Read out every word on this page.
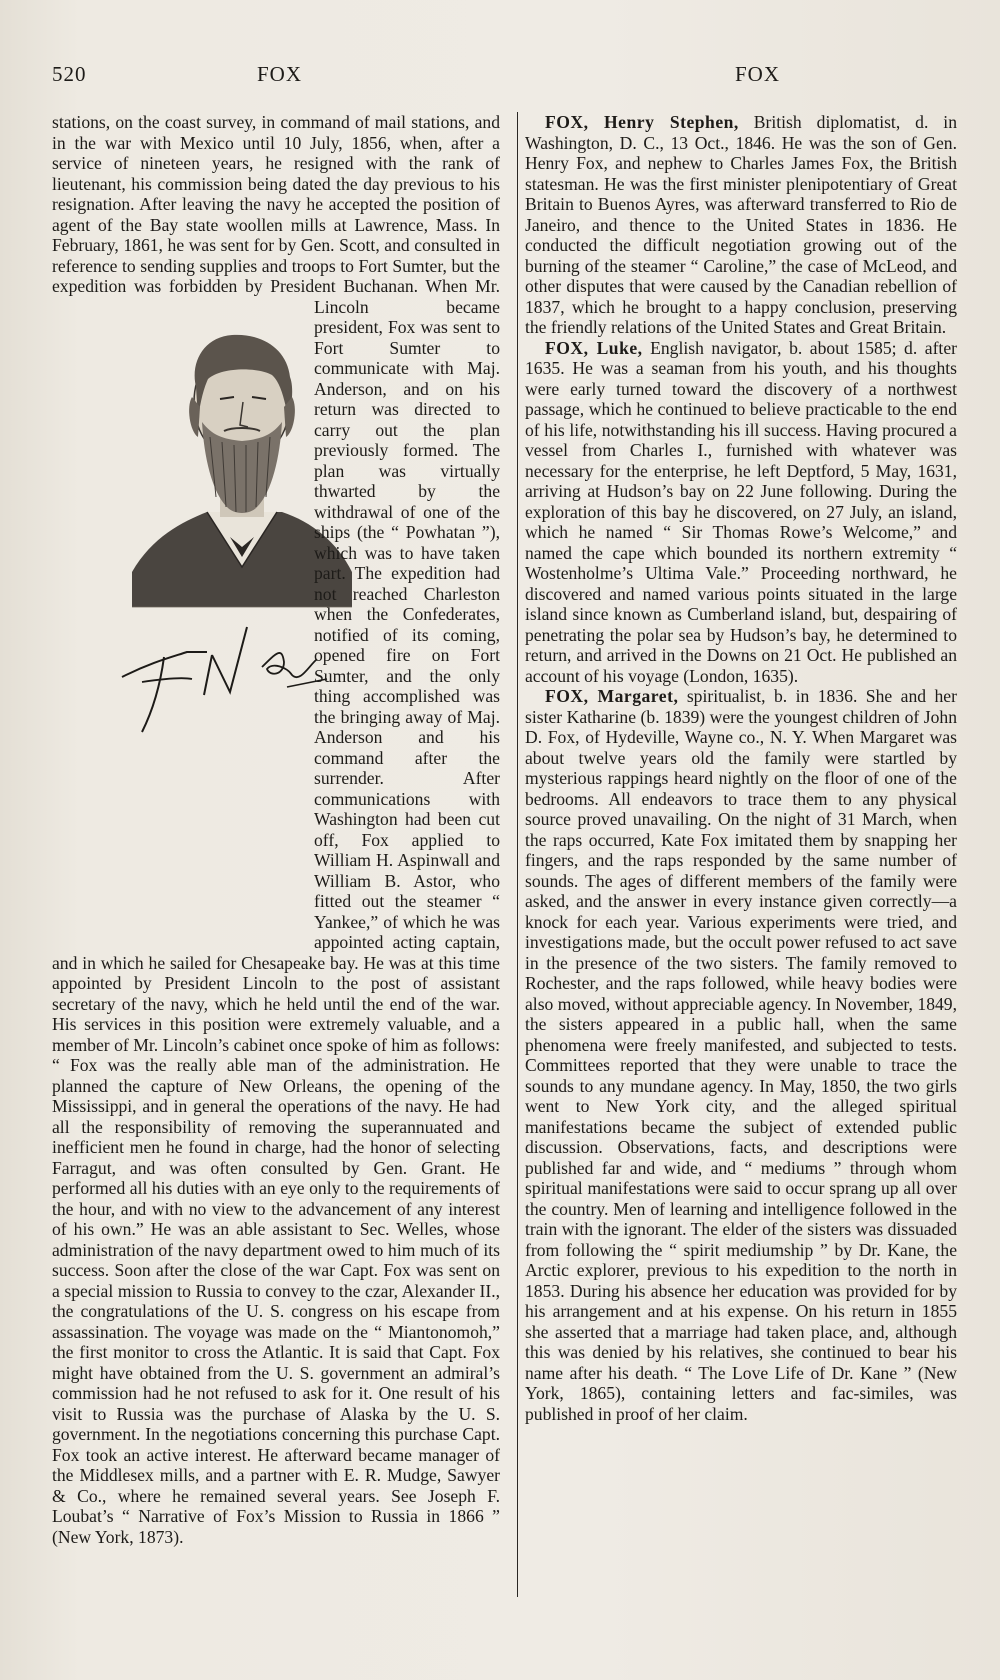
520	FOX	FOX

stations, on the coast survey, in command of mail stations, and in the war with Mexico until 10 July, 1856, when, after a service of nineteen years, he resigned with the rank of lieutenant, his commission being dated the day previous to his resignation. After leaving the navy he accepted the position of agent of the Bay state woollen mills at Lawrence, Mass. In February, 1861, he was sent for by Gen. Scott, and consulted in reference to sending supplies and troops to Fort Sumter, but the expedition was forbidden by President Buchanan. When Mr. Lincoln became president, Fox was sent to Fort Sumter to communicate with Maj. Anderson, and on his return was directed to carry out the plan previously formed. The plan was virtually thwarted by the withdrawal of one of the ships (the “ Powhatan ”), which was to have taken part. The expedition had not reached Charleston when the Confederates, notified of its coming, opened fire on Fort Sumter, and the only thing accomplished was the bringing away of Maj. Anderson and his command after the surrender. After communications with Washington had been cut off, Fox applied to William H. Aspinwall and William B. Astor, who fitted out the steamer “ Yankee,” of which he was appointed acting captain, and in which he sailed for Chesapeake bay. He was at this time appointed by President Lincoln to the post of assistant secretary of the navy, which he held until the end of the war. His services in this position were extremely valuable, and a member of Mr. Lincoln’s cabinet once spoke of him as follows: “ Fox was the really able man of the administration. He planned the capture of New Orleans, the opening of the Mississippi, and in general the operations of the navy. He had all the responsibility of removing the superannuated and inefficient men he found in charge, had the honor of selecting Farragut, and was often consulted by Gen. Grant. He performed all his duties with an eye only to the requirements of the hour, and with no view to the advancement of any interest of his own.” He was an able assistant to Sec. Welles, whose administration of the navy department owed to him much of its success. Soon after the close of the war Capt. Fox was sent on a special mission to Russia to convey to the czar, Alexander II., the congratulations of the U. S. congress on his escape from assassination. The voyage was made on the “ Miantonomoh,” the first monitor to cross the Atlantic. It is said that Capt. Fox might have obtained from the U. S. government an admiral’s commission had he not refused to ask for it. One result of his visit to Russia was the purchase of Alaska by the U. S. government. In the negotiations concerning this purchase Capt. Fox took an active interest. He afterward became manager of the Middlesex mills, and a partner with E. R. Mudge, Sawyer & Co., where he remained several years. See Joseph F. Loubat’s “ Narrative of Fox’s Mission to Russia in 1866 ” (New York, 1873).

FOX, Henry Stephen, British diplomatist, d. in Washington, D. C., 13 Oct., 1846. He was the son of Gen. Henry Fox, and nephew to Charles James Fox, the British statesman. He was the first minister plenipotentiary of Great Britain to Buenos Ayres, was afterward transferred to Rio de Janeiro, and thence to the United States in 1836. He conducted the difficult negotiation growing out of the burning of the steamer “ Caroline,” the case of McLeod, and other disputes that were caused by the Canadian rebellion of 1837, which he brought to a happy conclusion, preserving the friendly relations of the United States and Great Britain.

FOX, Luke, English navigator, b. about 1585; d. after 1635. He was a seaman from his youth, and his thoughts were early turned toward the discovery of a northwest passage, which he continued to believe practicable to the end of his life, notwithstanding his ill success. Having procured a vessel from Charles I., furnished with whatever was necessary for the enterprise, he left Deptford, 5 May, 1631, arriving at Hudson’s bay on 22 June following. During the exploration of this bay he discovered, on 27 July, an island, which he named “ Sir Thomas Rowe’s Welcome,” and named the cape which bounded its northern extremity “ Wostenholme’s Ultima Vale.” Proceeding northward, he discovered and named various points situated in the large island since known as Cumberland island, but, despairing of penetrating the polar sea by Hudson’s bay, he determined to return, and arrived in the Downs on 21 Oct. He published an account of his voyage (London, 1635).

FOX, Margaret, spiritualist, b. in 1836. She and her sister Katharine (b. 1839) were the youngest children of John D. Fox, of Hydeville, Wayne co., N. Y. When Margaret was about twelve years old the family were startled by mysterious rappings heard nightly on the floor of one of the bedrooms. All endeavors to trace them to any physical source proved unavailing. On the night of 31 March, when the raps occurred, Kate Fox imitated them by snapping her fingers, and the raps responded by the same number of sounds. The ages of different members of the family were asked, and the answer in every instance given correctly—a knock for each year. Various experiments were tried, and investigations made, but the occult power refused to act save in the presence of the two sisters. The family removed to Rochester, and the raps followed, while heavy bodies were also moved, without appreciable agency. In November, 1849, the sisters appeared in a public hall, when the same phenomena were freely manifested, and subjected to tests. Committees reported that they were unable to trace the sounds to any mundane agency. In May, 1850, the two girls went to New York city, and the alleged spiritual manifestations became the subject of extended public discussion. Observations, facts, and descriptions were published far and wide, and “ mediums ” through whom spiritual manifestations were said to occur sprang up all over the country. Men of learning and intelligence followed in the train with the ignorant. The elder of the sisters was dissuaded from following the “ spirit mediumship ” by Dr. Kane, the Arctic explorer, previous to his expedition to the north in 1853. During his absence her education was provided for by his arrangement and at his expense. On his return in 1855 she asserted that a marriage had taken place, and, although this was denied by his relatives, she continued to bear his name after his death. “ The Love Life of Dr. Kane ” (New York, 1865), containing letters and fac-similes, was published in proof of her claim.
